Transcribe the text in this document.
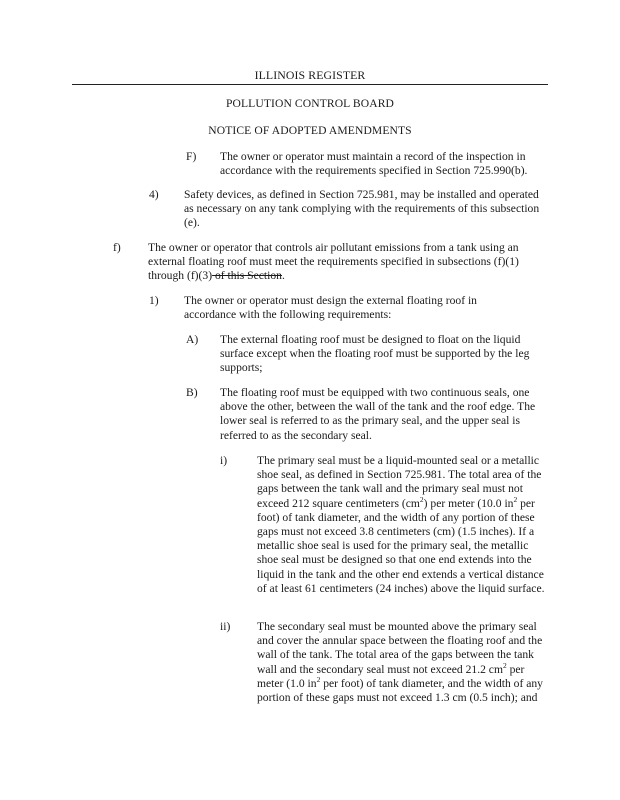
ILLINOIS REGISTER
POLLUTION CONTROL BOARD
NOTICE OF ADOPTED AMENDMENTS
F) The owner or operator must maintain a record of the inspection in accordance with the requirements specified in Section 725.990(b).
4) Safety devices, as defined in Section 725.981, may be installed and operated as necessary on any tank complying with the requirements of this subsection (e).
f) The owner or operator that controls air pollutant emissions from a tank using an external floating roof must meet the requirements specified in subsections (f)(1) through (f)(3) of this Section.
1) The owner or operator must design the external floating roof in accordance with the following requirements:
A) The external floating roof must be designed to float on the liquid surface except when the floating roof must be supported by the leg supports;
B) The floating roof must be equipped with two continuous seals, one above the other, between the wall of the tank and the roof edge. The lower seal is referred to as the primary seal, and the upper seal is referred to as the secondary seal.
i)	The primary seal must be a liquid-mounted seal or a metallic shoe seal, as defined in Section 725.981. The total area of the gaps between the tank wall and the primary seal must not exceed 212 square centimeters $(cm^2)$ per meter (10.0 $in^2$ per foot) of tank diameter, and the width of any portion of these gaps must not exceed 3.8 centimeters (cm) (1.5 inches). If a metallic shoe seal is used for the primary seal, the metallic shoe seal must be designed so that one end extends into the liquid in the tank and the other end extends a vertical distance of at least 61 centimeters (24 inches) above the liquid surface.
ii) The secondary seal must be mounted above the primary seal and cover the annular space between the floating roof and the wall of the tank. The total area of the gaps between the tank wall and the secondary seal must not exceed 21.2 $cm^2$ per meter (1.0 $in^2$ per foot) of tank diameter, and the width of any portion of these gaps must not exceed 1.3 cm (0.5 inch); and
